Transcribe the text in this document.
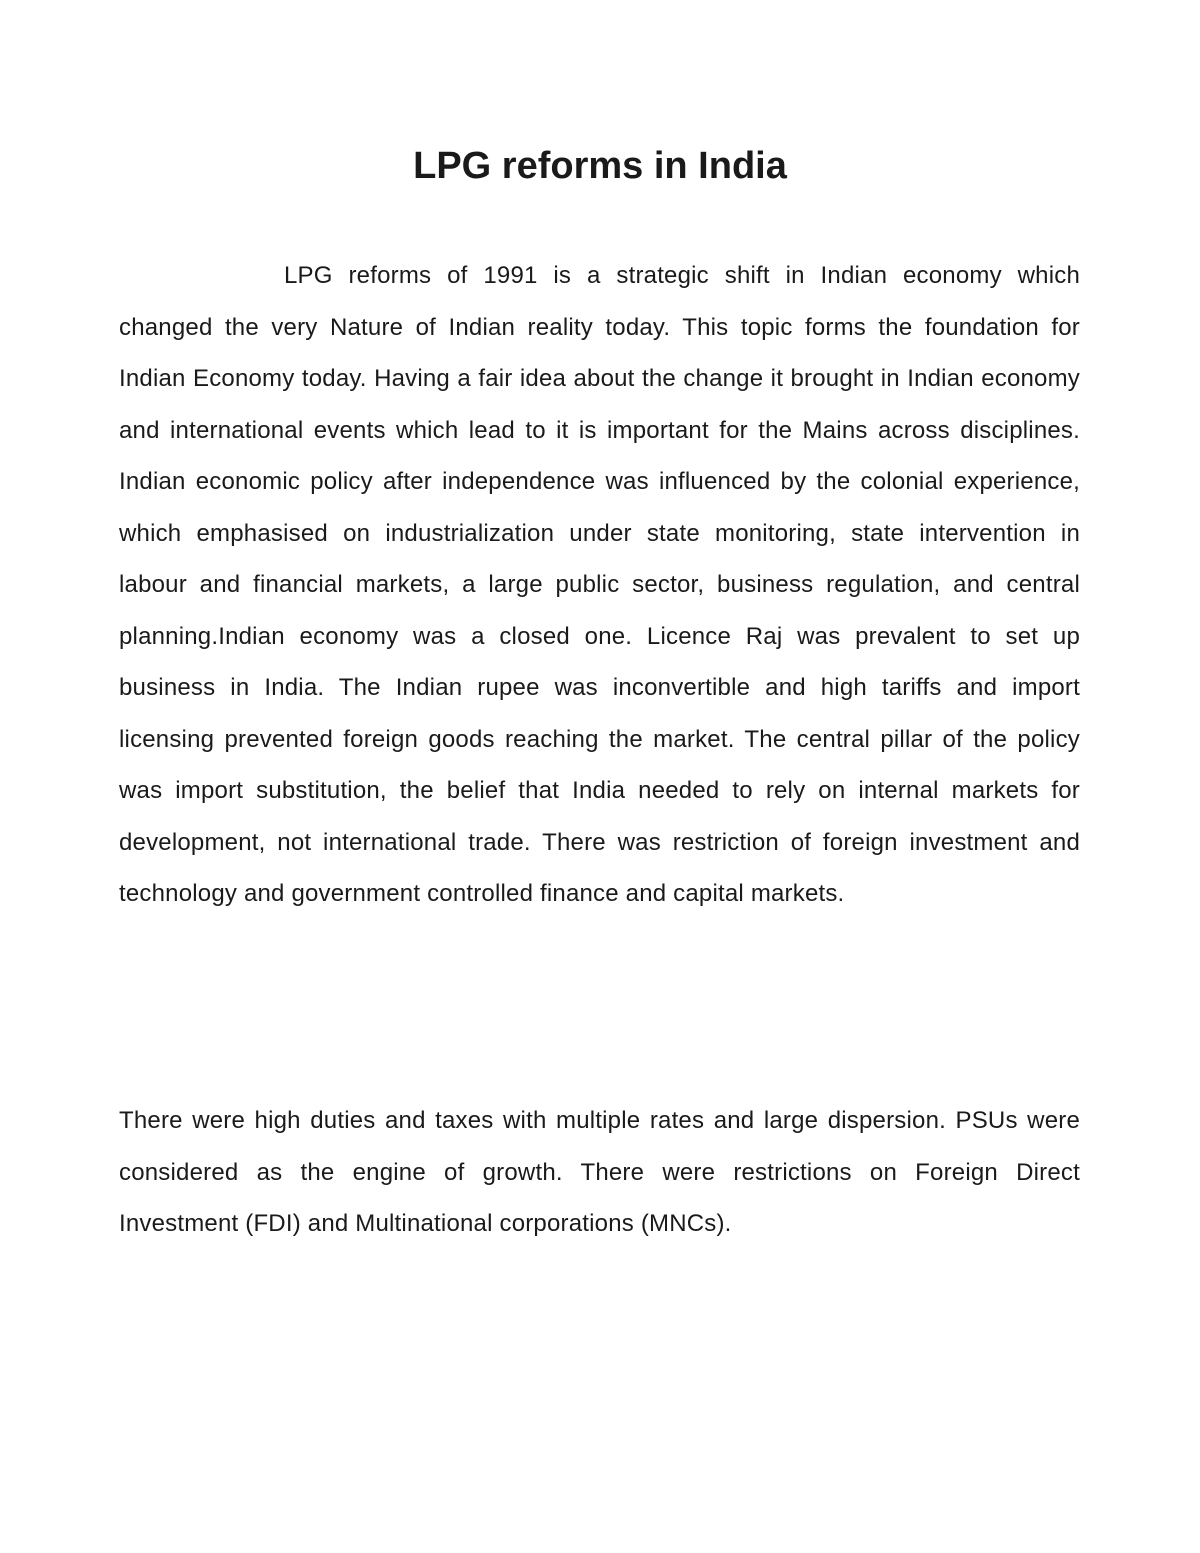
LPG reforms in India

LPG reforms of 1991 is a strategic shift in Indian economy which changed the very Nature of Indian reality today. This topic forms the foundation for Indian Economy today. Having a fair idea about the change it brought in Indian economy and international events which lead to it is important for the Mains across disciplines. Indian economic policy after independence was influenced by the colonial experience, which emphasised on industrialization under state monitoring, state intervention in labour and financial markets, a large public sector, business regulation, and central planning.Indian economy was a closed one. Licence Raj was prevalent to set up business in India. The Indian rupee was inconvertible and high tariffs and import licensing prevented foreign goods reaching the market. The central pillar of the policy was import substitution, the belief that India needed to rely on internal markets for development, not international trade. There was restriction of foreign investment and technology and government controlled finance and capital markets.

There were high duties and taxes with multiple rates and large dispersion. PSUs were considered as the engine of growth. There were restrictions on Foreign Direct Investment (FDI) and Multinational corporations (MNCs).
